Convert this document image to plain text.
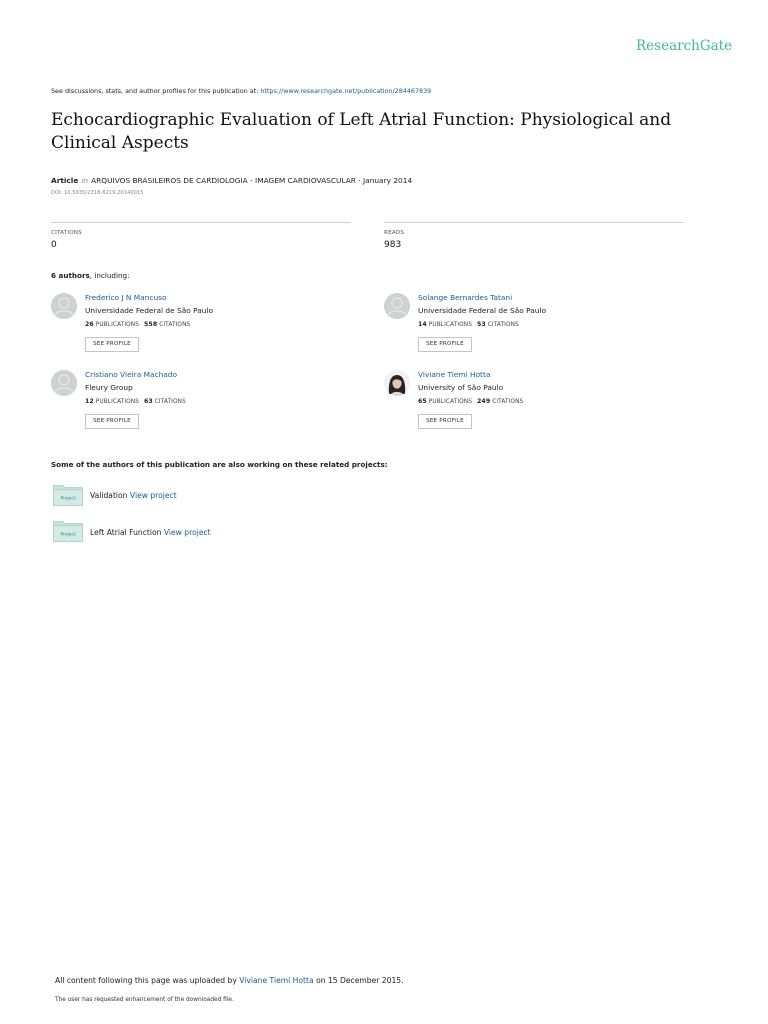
ResearchGate
See discussions, stats, and author profiles for this publication at: https://www.researchgate.net/publication/284467839
Echocardiographic Evaluation of Left Atrial Function: Physiological and Clinical Aspects
Article in ARQUIVOS BRASILEIROS DE CARDIOLOGIA - IMAGEM CARDIOVASCULAR · January 2014
DOI: 10.5935/2318-8219.20140015
CITATIONS
0
READS
983
6 authors, including:
Frederico J N Mancuso
Universidade Federal de São Paulo
26 PUBLICATIONS 558 CITATIONS
SEE PROFILE
Solange Bernardes Tatani
Universidade Federal de São Paulo
14 PUBLICATIONS 53 CITATIONS
SEE PROFILE
Cristiano Vieira Machado
Fleury Group
12 PUBLICATIONS 63 CITATIONS
SEE PROFILE
Viviane Tiemi Hotta
University of São Paulo
65 PUBLICATIONS 249 CITATIONS
SEE PROFILE
Some of the authors of this publication are also working on these related projects:
Project Validation View project
Project Left Atrial Function View project
All content following this page was uploaded by Viviane Tiemi Hotta on 15 December 2015.
The user has requested enhancement of the downloaded file.
